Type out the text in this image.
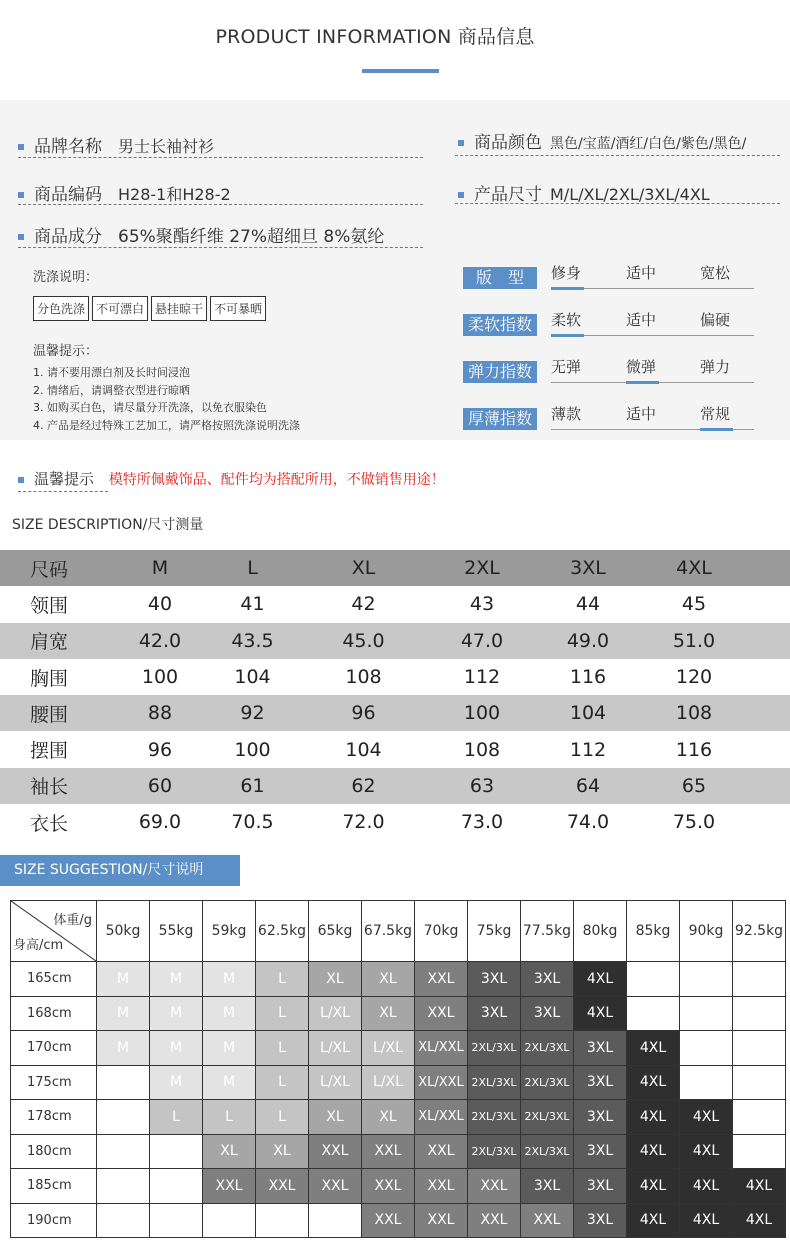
PRODUCT INFORMATION 商品信息
品牌名称 男士长袖衬衫	商品颜色 黑色/宝蓝/酒红/白色/紫色/黑色/
商品编码 H28-1和H28-2	产品尺寸 M/L/XL/2XL/3XL/4XL
商品成分 65%聚酯纤维 27%超细旦 8%氨纶
洗涤说明：
分色洗涤 不可漂白 悬挂晾干 不可暴晒
温馨提示：
1. 请不要用漂白剂及长时间浸泡
2. 情绪后，请调整衣型进行晾晒
3. 如购买白色，请尽量分开洗涤，以免衣服染色
4. 产品是经过特殊工艺加工，请严格按照洗涤说明洗涤
版　型	修身	适中	宽松
柔软指数	柔软	适中	偏硬
弹力指数	无弹	微弹	弹力
厚薄指数	薄款	适中	常规
温馨提示 模特所佩戴饰品、配件均为搭配所用，不做销售用途！
SIZE DESCRIPTION/尺寸测量
尺码	M	L	XL	2XL	3XL	4XL	
领围	40	41	42	43	44	45	
肩宽	42.0	43.5	45.0	47.0	49.0	51.0	
胸围	100	104	108	112	116	120	
腰围	88	92	96	100	104	108	
摆围	96	100	104	108	112	116	
袖长	60	61	62	63	64	65	
衣长	69.0	70.5	72.0	73.0	74.0	75.0	
SIZE SUGGESTION/尺寸说明
体重/g
身高/cm	50kg	55kg	59kg	62.5kg	65kg	67.5kg	70kg	75kg	77.5kg	80kg	85kg	90kg	92.5kg
165cm	M	M	M	L	XL	XL	XXL	3XL	3XL	4XL			
168cm	M	M	M	L	L/XL	XL	XXL	3XL	3XL	4XL			
170cm	M	M	M	L	L/XL	L/XL	XL/XXL	2XL/3XL	2XL/3XL	3XL	4XL		
175cm		M	M	L	L/XL	L/XL	XL/XXL	2XL/3XL	2XL/3XL	3XL	4XL		
178cm		L	L	L	XL	XL	XL/XXL	2XL/3XL	2XL/3XL	3XL	4XL	4XL	
180cm			XL	XL	XXL	XXL	XXL	2XL/3XL	2XL/3XL	3XL	4XL	4XL	
185cm			XXL	XXL	XXL	XXL	XXL	XXL	3XL	3XL	4XL	4XL	4XL
190cm						XXL	XXL	XXL	XXL	3XL	4XL	4XL	4XL
